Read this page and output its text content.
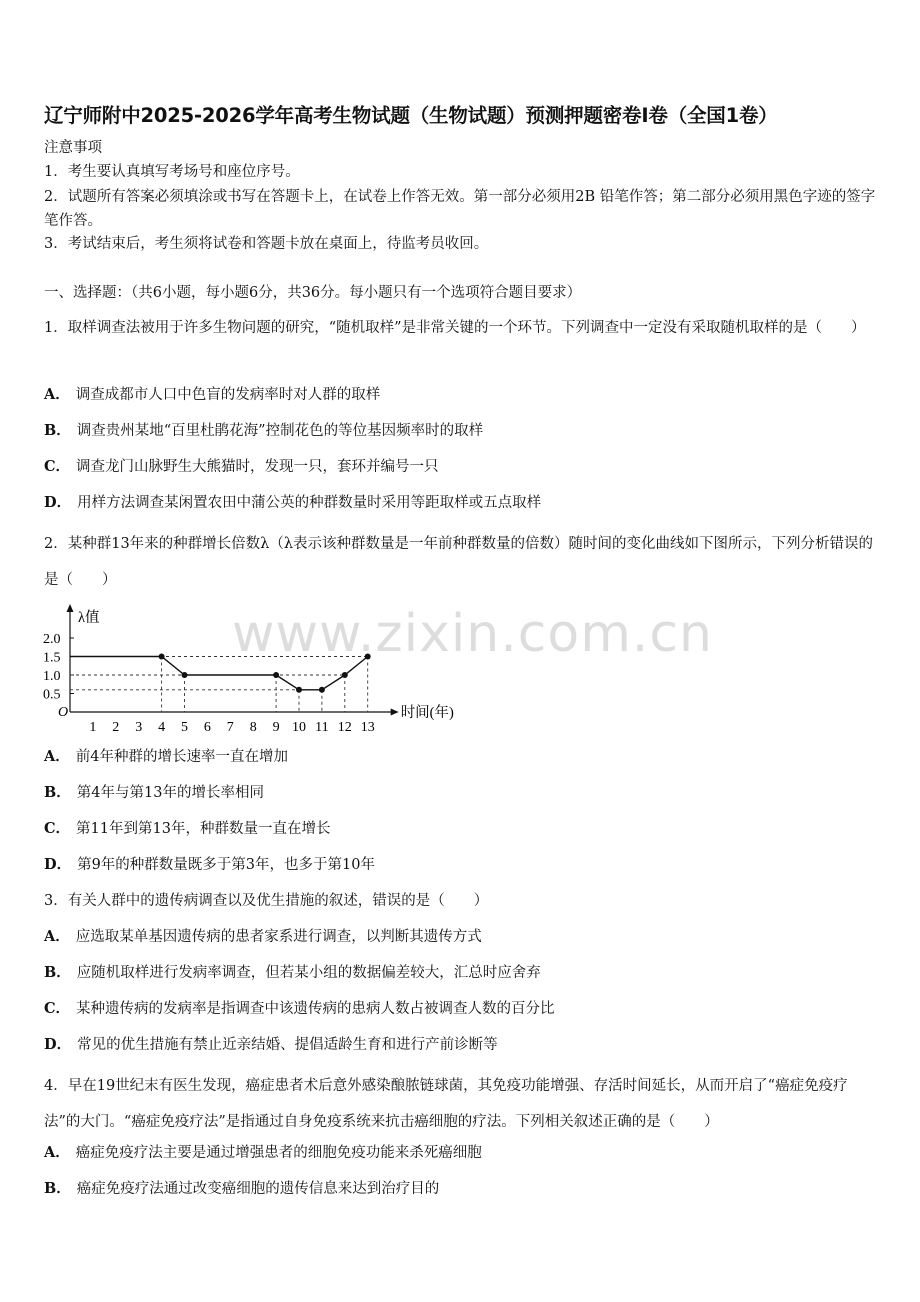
辽宁师附中2025-2026学年高考生物试题（生物试题）预测押题密卷I卷（全国1卷）
注意事项
1．考生要认真填写考场号和座位序号。
2．试题所有答案必须填涂或书写在答题卡上，在试卷上作答无效。第一部分必须用2B 铅笔作答；第二部分必须用黑色字迹的签字笔作答。
3．考试结束后，考生须将试卷和答题卡放在桌面上，待监考员收回。
一、选择题：（共6小题，每小题6分，共36分。每小题只有一个选项符合题目要求）
1．取样调查法被用于许多生物问题的研究，“随机取样”是非常关键的一个环节。下列调查中一定没有采取随机取样的是（　　）
A． 调查成都市人口中色盲的发病率时对人群的取样
B． 调查贵州某地“百里杜鹃花海”控制花色的等位基因频率时的取样
C． 调查龙门山脉野生大熊猫时，发现一只，套环并编号一只
D． 用样方法调查某闲置农田中蒲公英的种群数量时采用等距取样或五点取样
2．某种群13年来的种群增长倍数λ（λ表示该种群数量是一年前种群数量的倍数）随时间的变化曲线如下图所示，下列分析错误的是（　　）
λ值
时间(年)
O
0.5
1.0
1.5
2.0
1 2 3 4 5 6 7 8 9 10 11 12 13
A． 前4年种群的增长速率一直在增加
B． 第4年与第13年的增长率相同
C． 第11年到第13年，种群数量一直在增长
D． 第9年的种群数量既多于第3年，也多于第10年
3．有关人群中的遗传病调查以及优生措施的叙述，错误的是（　　）
A． 应选取某单基因遗传病的患者家系进行调查，以判断其遗传方式
B． 应随机取样进行发病率调查，但若某小组的数据偏差较大，汇总时应舍弃
C． 某种遗传病的发病率是指调查中该遗传病的患病人数占被调查人数的百分比
D． 常见的优生措施有禁止近亲结婚、提倡适龄生育和进行产前诊断等
4．早在19世纪末有医生发现，癌症患者术后意外感染酿脓链球菌，其免疫功能增强、存活时间延长，从而开启了“癌症免疫疗法”的大门。“癌症免疫疗法”是指通过自身免疫系统来抗击癌细胞的疗法。下列相关叙述正确的是（　　）
A． 癌症免疫疗法主要是通过增强患者的细胞免疫功能来杀死癌细胞
B． 癌症免疫疗法通过改变癌细胞的遗传信息来达到治疗目的
www.zixin.com.cn
